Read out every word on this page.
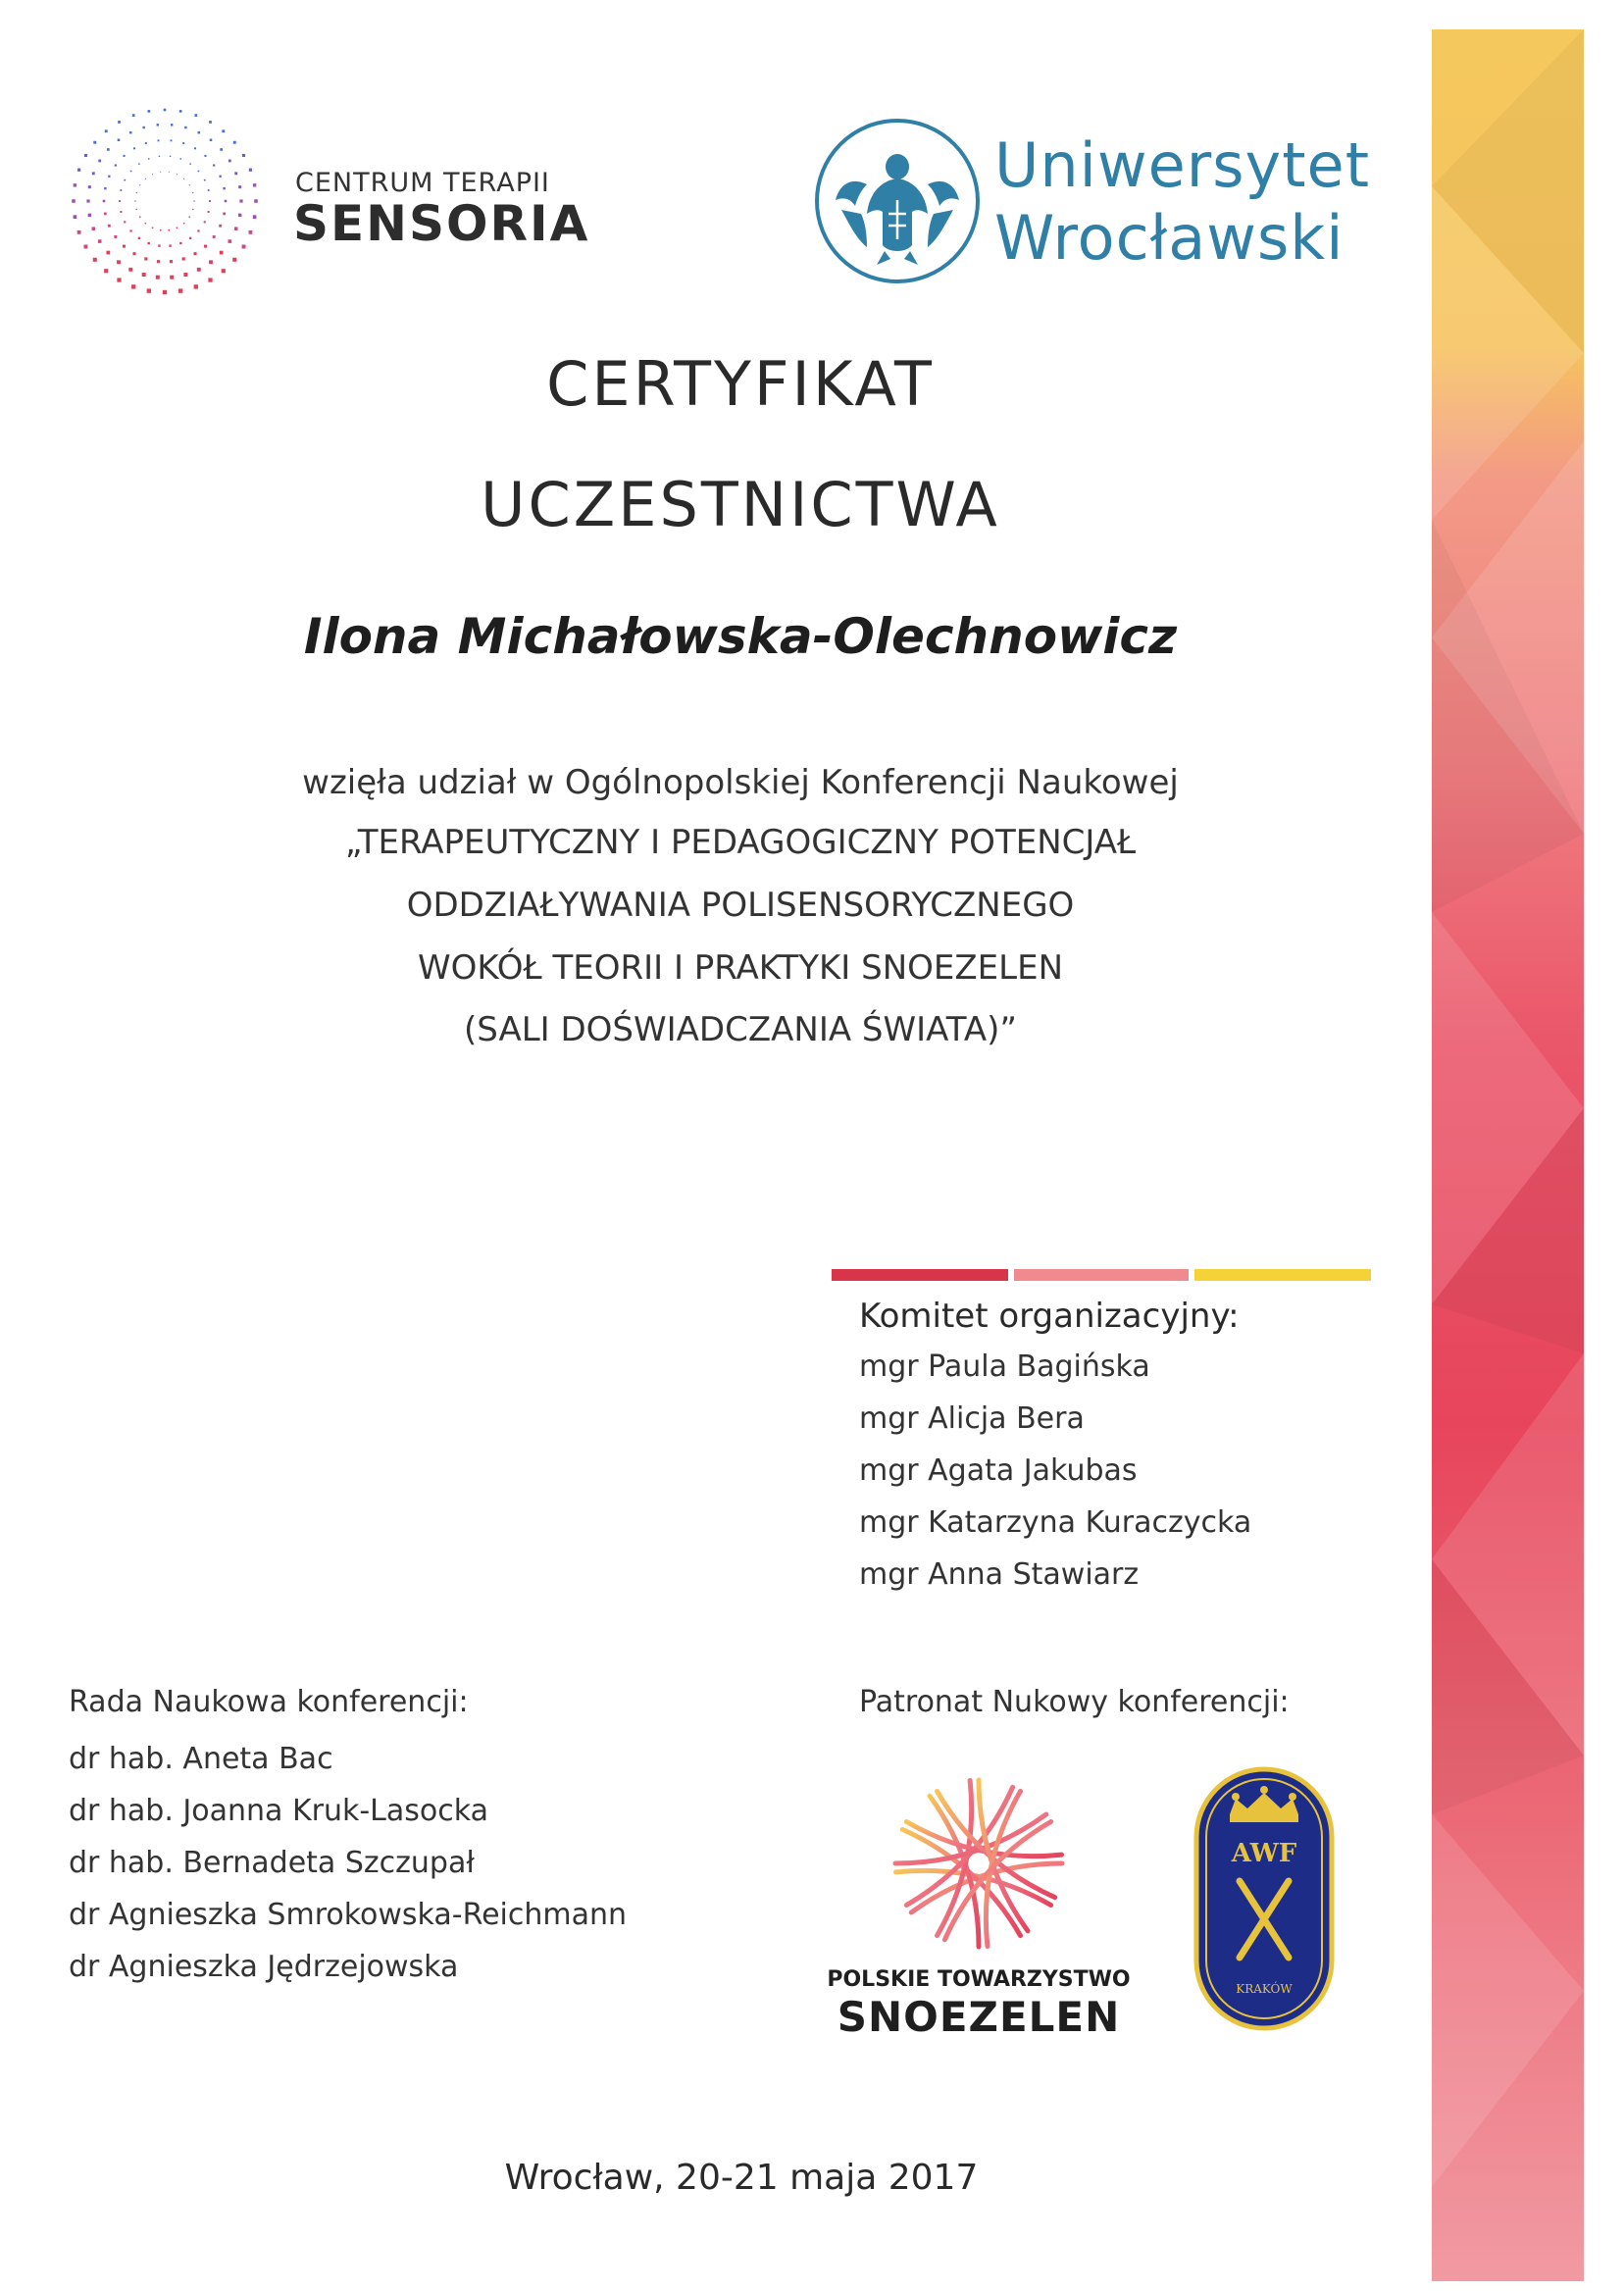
CENTRUM TERAPII
SENSORIA
Uniwersytet
Wrocławski
CERTYFIKAT
UCZESTNICTWA
Ilona Michałowska-Olechnowicz
wzięła udział w Ogólnopolskiej Konferencji Naukowej
„TERAPEUTYCZNY I PEDAGOGICZNY POTENCJAŁ
ODDZIAŁYWANIA POLISENSORYCZNEGO
WOKÓŁ TEORII I PRAKTYKI SNOEZELEN
(SALI DOŚWIADCZANIA ŚWIATA)”
Komitet organizacyjny:
mgr Paula Bagińska
mgr Alicja Bera
mgr Agata Jakubas
mgr Katarzyna Kuraczycka
mgr Anna Stawiarz
Rada Naukowa konferencji:
dr hab. Aneta Bac
dr hab. Joanna Kruk-Lasocka
dr hab. Bernadeta Szczupał
dr Agnieszka Smrokowska-Reichmann
dr Agnieszka Jędrzejowska
Patronat Nukowy konferencji:
POLSKIE TOWARZYSTWO
SNOEZELEN
AWF
KRAKÓW
Wrocław, 20-21 maja 2017
